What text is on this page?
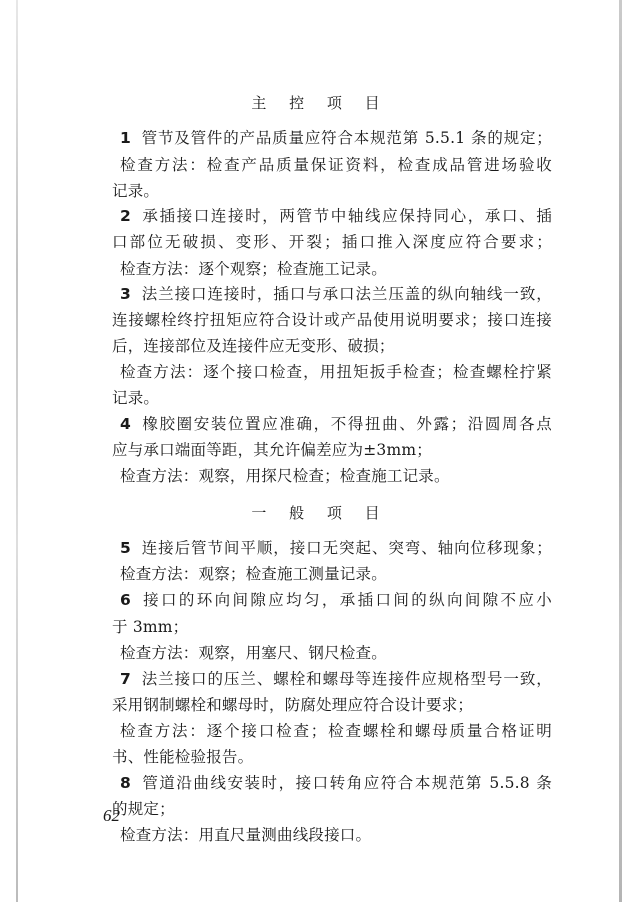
主 控 项 目
1 管节及管件的产品质量应符合本规范第 5.5.1 条的规定；
检查方法：检查产品质量保证资料，检查成品管进场验收
记录。
2 承插接口连接时，两管节中轴线应保持同心，承口、插
口部位无破损、变形、开裂；插口推入深度应符合要求；
检查方法：逐个观察；检查施工记录。
3 法兰接口连接时，插口与承口法兰压盖的纵向轴线一致，
连接螺栓终拧扭矩应符合设计或产品使用说明要求；接口连接
后，连接部位及连接件应无变形、破损；
检查方法：逐个接口检查，用扭矩扳手检查；检查螺栓拧紧
记录。
4 橡胶圈安装位置应准确，不得扭曲、外露；沿圆周各点
应与承口端面等距，其允许偏差应为±3mm；
检查方法：观察，用探尺检查；检查施工记录。
一 般 项 目
5 连接后管节间平顺，接口无突起、突弯、轴向位移现象；
检查方法：观察；检查施工测量记录。
6 接口的环向间隙应均匀，承插口间的纵向间隙不应小
于 3mm；
检查方法：观察，用塞尺、钢尺检查。
7 法兰接口的压兰、螺栓和螺母等连接件应规格型号一致，
采用钢制螺栓和螺母时，防腐处理应符合设计要求；
检查方法：逐个接口检查；检查螺栓和螺母质量合格证明
书、性能检验报告。
8 管道沿曲线安装时，接口转角应符合本规范第 5.5.8 条
的规定；
检查方法：用直尺量测曲线段接口。
62
